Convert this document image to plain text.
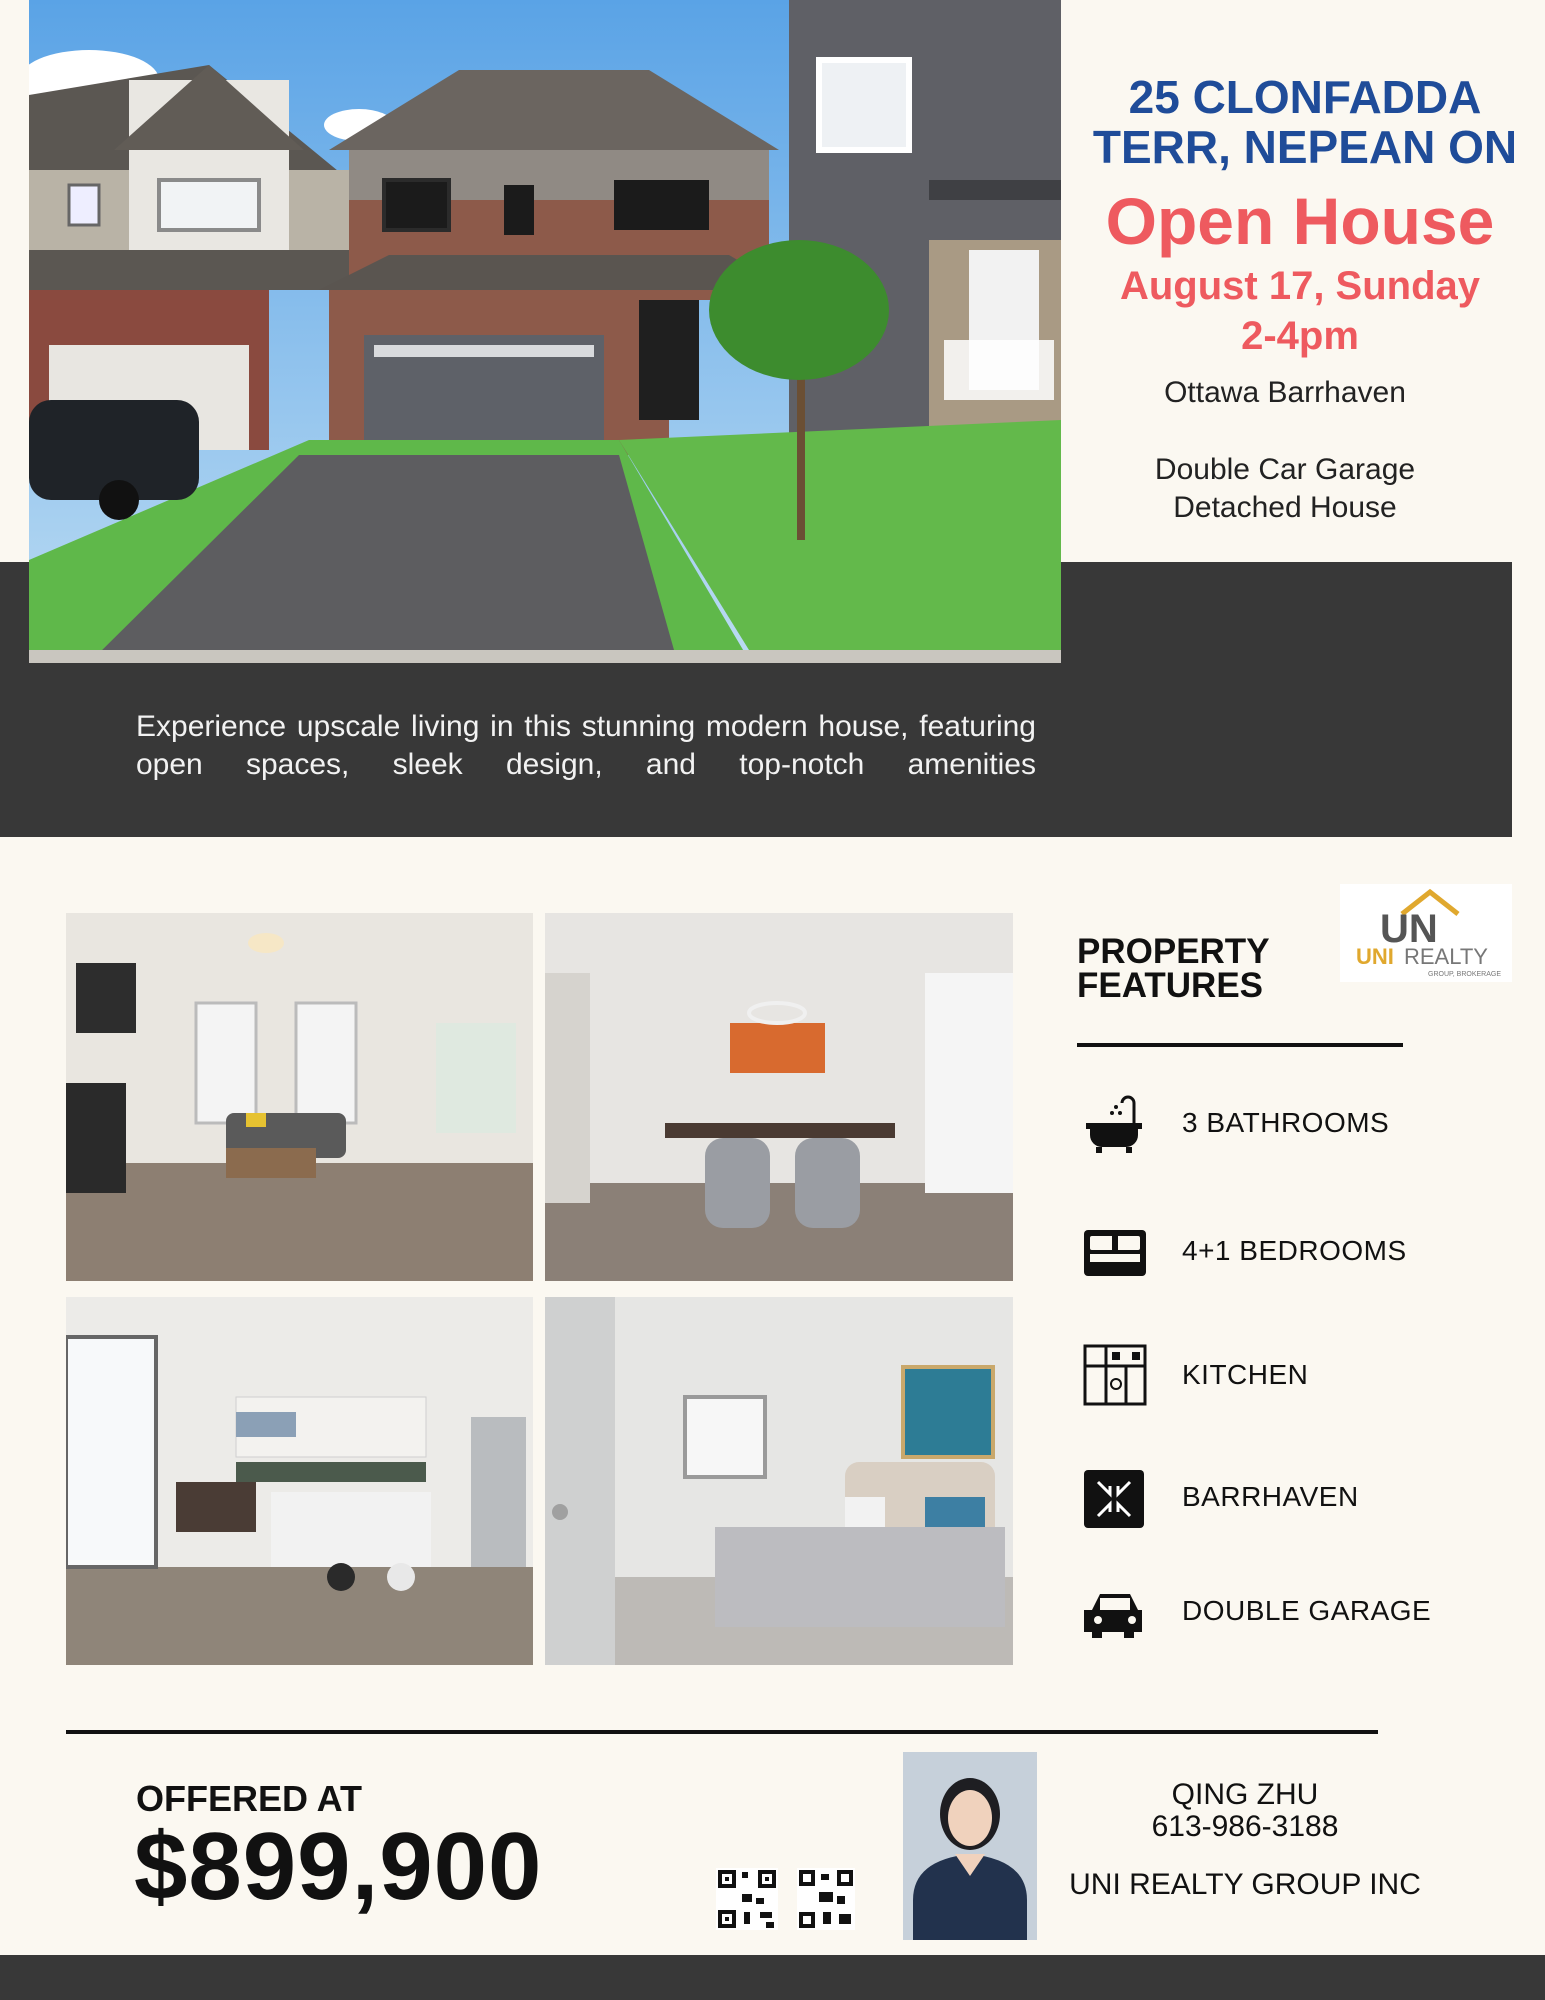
25 CLONFADDA TERR, NEPEAN ON
Open House
August 17, Sunday
2-4pm
Ottawa Barrhaven
Double Car Garage
Detached House
Experience upscale living in this stunning modern house, featuring open spaces, sleek design, and top-notch amenities
UN
UNI REALTY
GROUP, BROKERAGE
PROPERTY
FEATURES
3 BATHROOMS
4+1 BEDROOMS
KITCHEN
BARRHAVEN
DOUBLE GARAGE
OFFERED AT
$899,900
QING ZHU
613-986-3188
UNI REALTY GROUP INC
